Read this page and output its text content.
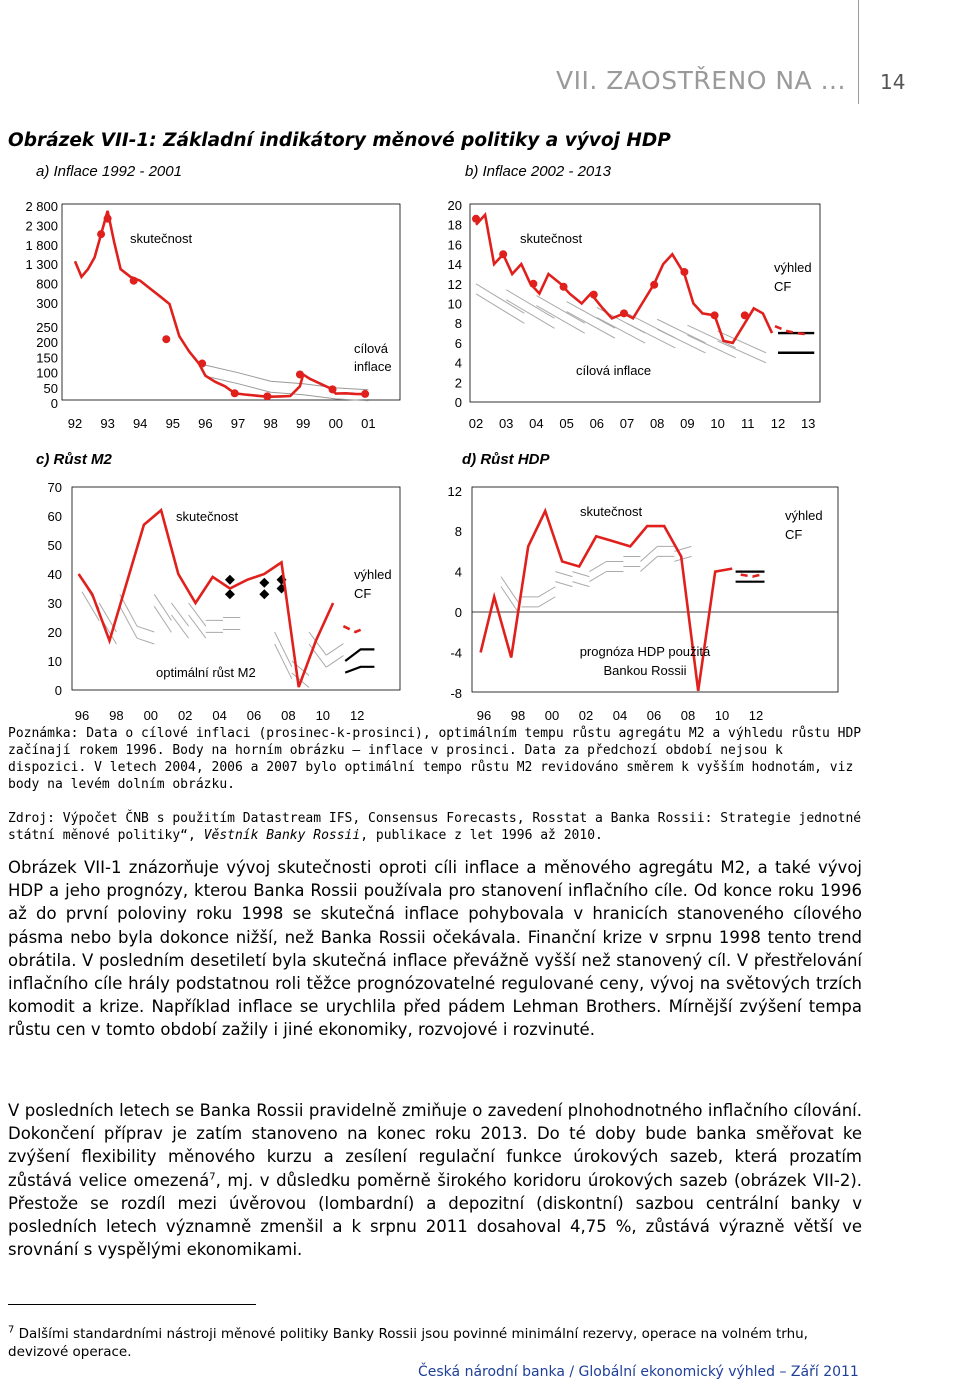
VII. ZAOSTŘENO NA ... 14
Obrázek VII-1: Základní indikátory měnové politiky a vývoj HDP
a) Inflace 1992 - 2001	b) Inflace 2002 - 2013
c) Růst M2	d) Růst HDP
2 800
2 300
1 800
1 300
800
300
250
200
150
100
50
0
92 93 94 95 96 97 98 99 00 01
skutečnost
cílová
inflace
0
2
4
6
8
10
12
14
16
18
20
02 03 04 05 06 07 08 09 10 11 12 13
skutečnost
cílová inflace
výhled
CF
0
10
20
30
40
50
60
70
96 98 00 02 04 06 08 10 12
skutečnost
optimální růst M2
výhled
CF
-8
-4
0
4
8
12
96 98 00 02 04 06 08 10 12
skutečnost
prognóza HDP použitá
Bankou Rossii
výhled
CF
Poznámka: Data o cílové inflaci (prosinec-k-prosinci), optimálním tempu růstu agregátu M2 a výhledu růstu HDP začínají rokem 1996. Body na horním obrázku – inflace v prosinci. Data za předchozí období nejsou k dispozici. V letech 2004, 2006 a 2007 bylo optimální tempo růstu M2 revidováno směrem k vyšším hodnotám, viz body na levém dolním obrázku.
Zdroj: Výpočet ČNB s použitím Datastream IFS, Consensus Forecasts, Rosstat a Banka Rossii: Strategie jednotné státní měnové politiky“, Věstník Banky Rossii, publikace z let 1996 až 2010.

Obrázek VII-1 znázorňuje vývoj skutečnosti oproti cíli inflace a měnového agregátu M2, a také vývoj HDP a jeho prognózy, kterou Banka Rossii používala pro stanovení inflačního cíle. Od konce roku 1996 až do první poloviny roku 1998 se skutečná inflace pohybovala v hranicích stanoveného cílového pásma nebo byla dokonce nižší, než Banka Rossii očekávala. Finanční krize v srpnu 1998 tento trend obrátila. V posledním desetiletí byla skutečná inflace převážně vyšší než stanovený cíl. V přestřelování inflačního cíle hrály podstatnou roli těžce prognózovatelné regulované ceny, vývoj na světových trzích komodit a krize. Například inflace se urychlila před pádem Lehman Brothers. Mírnější zvýšení tempa růstu cen v tomto období zažily i jiné ekonomiky, rozvojové i rozvinuté.

V posledních letech se Banka Rossii pravidelně zmiňuje o zavedení plnohodnotného inflačního cílování. Dokončení příprav je zatím stanoveno na konec roku 2013. Do té doby bude banka směřovat ke zvýšení flexibility měnového kurzu a zesílení regulační funkce úrokových sazeb, která prozatím zůstává velice omezená$^7$, mj. v důsledku poměrně širokého koridoru úrokových sazeb (obrázek VII-2). Přestože se rozdíl mezi úvěrovou (lombardní) a depozitní (diskontní) sazbou centrální banky v posledních letech významně zmenšil a k srpnu 2011 dosahoval 4,75 %, zůstává výrazně větší ve srovnání s vyspělými ekonomikami.

$^7$ Dalšími standardními nástroji měnové politiky Banky Rossii jsou povinné minimální rezervy, operace na volném trhu, devizové operace.
Česká národní banka / Globální ekonomický výhled – Září 2011
